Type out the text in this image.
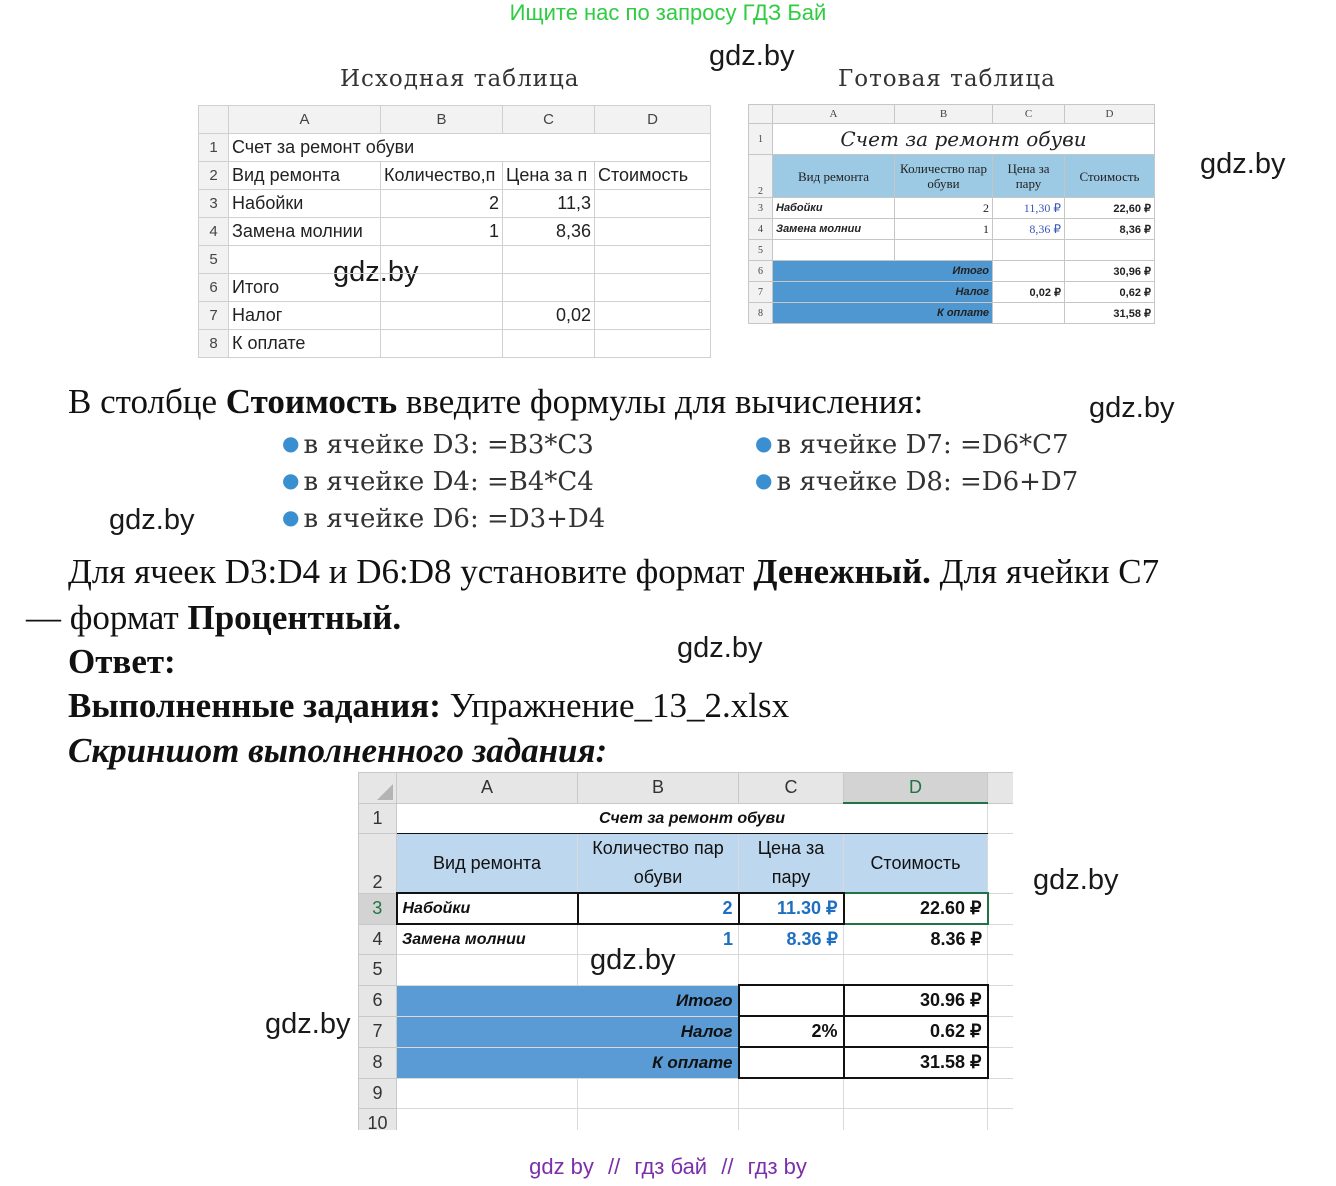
Ищите нас по запросу ГДЗ Бай
gdz.by
gdz.by
gdz.by
gdz.by
gdz.by
gdz.by
gdz.by
gdz.by
Исходная таблица
	A	B	C	D
1	Счет за ремонт обуви			
2	Вид ремонта	Количество,п	Цена за п	Стоимость
3	Набойки	2	11,3	
4	Замена молнии	1	8,36	
5				
6	Итого			
7	Налог		0,02	
8	К оплате			
Готовая таблица
	A	B	C	D
1	Счет за ремонт обуви			
2	Вид ремонта	Количество пар обуви	Цена за пару	Стоимость
3	Набойки	2	11,30 ₽	22,60 ₽
4	Замена молнии	1	8,36 ₽	8,36 ₽
5				
6	Итого			30,96 ₽
7	Налог		0,02 ₽	0,62 ₽
8	К оплате			31,58 ₽
В столбце Стоимость введите формулы для вычисления:
● в ячейке D3: =B3*C3
● в ячейке D4: =B4*C4
● в ячейке D6: =D3+D4
● в ячейке D7: =D6*C7
● в ячейке D8: =D6+D7
Для ячеек D3:D4 и D6:D8 установите формат Денежный. Для ячейки C7
— формат Процентный.
Ответ:
Выполненные задания: Упражнение_13_2.xlsx
Скриншот выполненного задания:
	A	B	C	D	
1	Счет за ремонт обуви				
2	Вид ремонта	Количество пар обуви	Цена за пару	Стоимость	
3	Набойки	2	11.30 ₽	22.60 ₽	
4	Замена молнии	1	8.36 ₽	8.36 ₽	
5					
6	Итого			30.96 ₽	
7	Налог		2%	0.62 ₽	
8	К оплате			31.58 ₽	
9					
10					
gdz.by
gdz by // гдз бай // гдз by
